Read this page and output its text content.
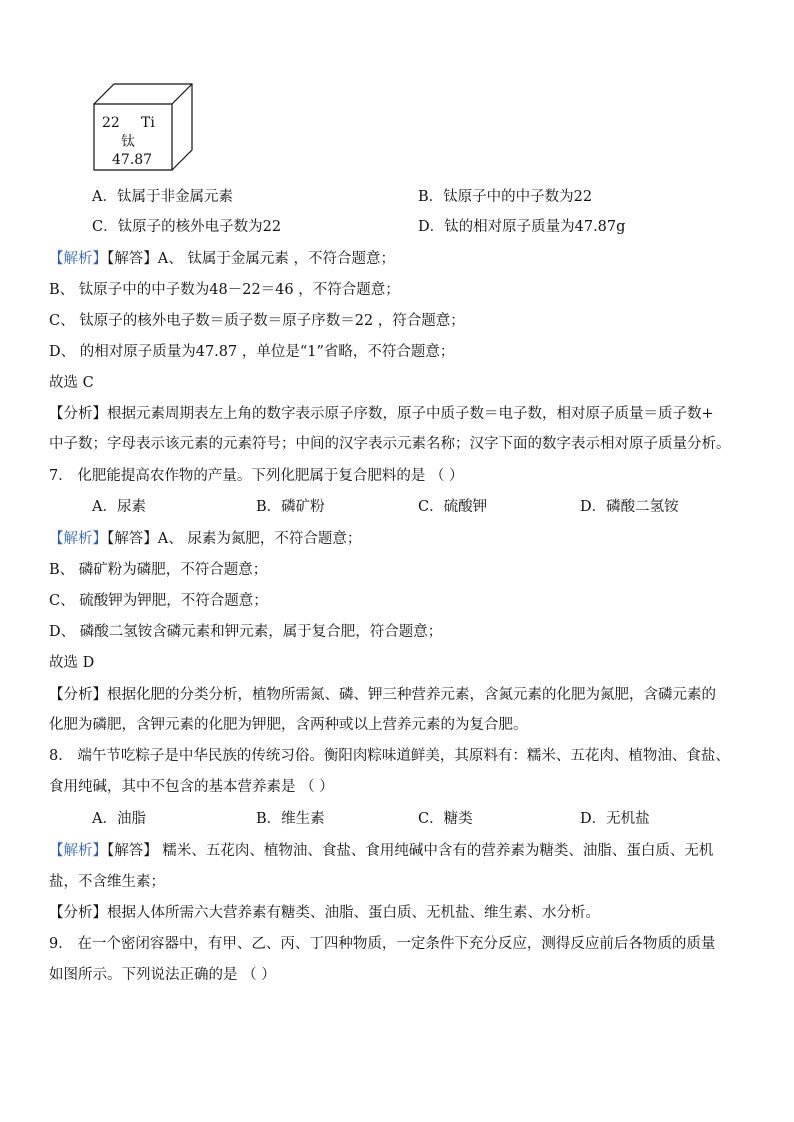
22 Ti
钛
47.87
A．钛属于非金属元素	B．钛原子中的中子数为22
C．钛原子的核外电子数为22	D．钛的相对原子质量为47.87g
【解析】【解答】A、 钛属于金属元素 ，不符合题意；
B、 钛原子中的中子数为48－22＝46 ，不符合题意；
C、 钛原子的核外电子数＝质子数＝原子序数＝22 ，符合题意；
D、 的相对原子质量为47.87 ，单位是“1”省略，不符合题意；
故选 C
【分析】根据元素周期表左上角的数字表示原子序数，原子中质子数＝电子数，相对原子质量＝质子数+
中子数；字母表示该元素的元素符号；中间的汉字表示元素名称；汉字下面的数字表示相对原子质量分析。
7． 化肥能提高农作物的产量。下列化肥属于复合肥料的是 （ ）
A．尿素	B．磷矿粉	C．硫酸钾	D．磷酸二氢铵
【解析】【解答】A、 尿素为氮肥，不符合题意；
B、 磷矿粉为磷肥，不符合题意；
C、 硫酸钾为钾肥，不符合题意；
D、 磷酸二氢铵含磷元素和钾元素，属于复合肥，符合题意；
故选 D
【分析】根据化肥的分类分析，植物所需氮、磷、钾三种营养元素，含氮元素的化肥为氮肥，含磷元素的
化肥为磷肥，含钾元素的化肥为钾肥，含两种或以上营养元素的为复合肥。
8． 端午节吃粽子是中华民族的传统习俗。衡阳肉粽味道鲜美，其原料有：糯米、五花肉、植物油、食盐、
食用纯碱，其中不包含的基本营养素是 （ ）
A．油脂	B．维生素	C．糖类	D．无机盐
【解析】【解答】 糯米、五花肉、植物油、食盐、食用纯碱中含有的营养素为糖类、油脂、蛋白质、无机
盐，不含维生素；
【分析】根据人体所需六大营养素有糖类、油脂、蛋白质、无机盐、维生素、水分析。
9． 在一个密闭容器中，有甲、乙、丙、丁四种物质，一定条件下充分反应，测得反应前后各物质的质量
如图所示。下列说法正确的是 （ ）
